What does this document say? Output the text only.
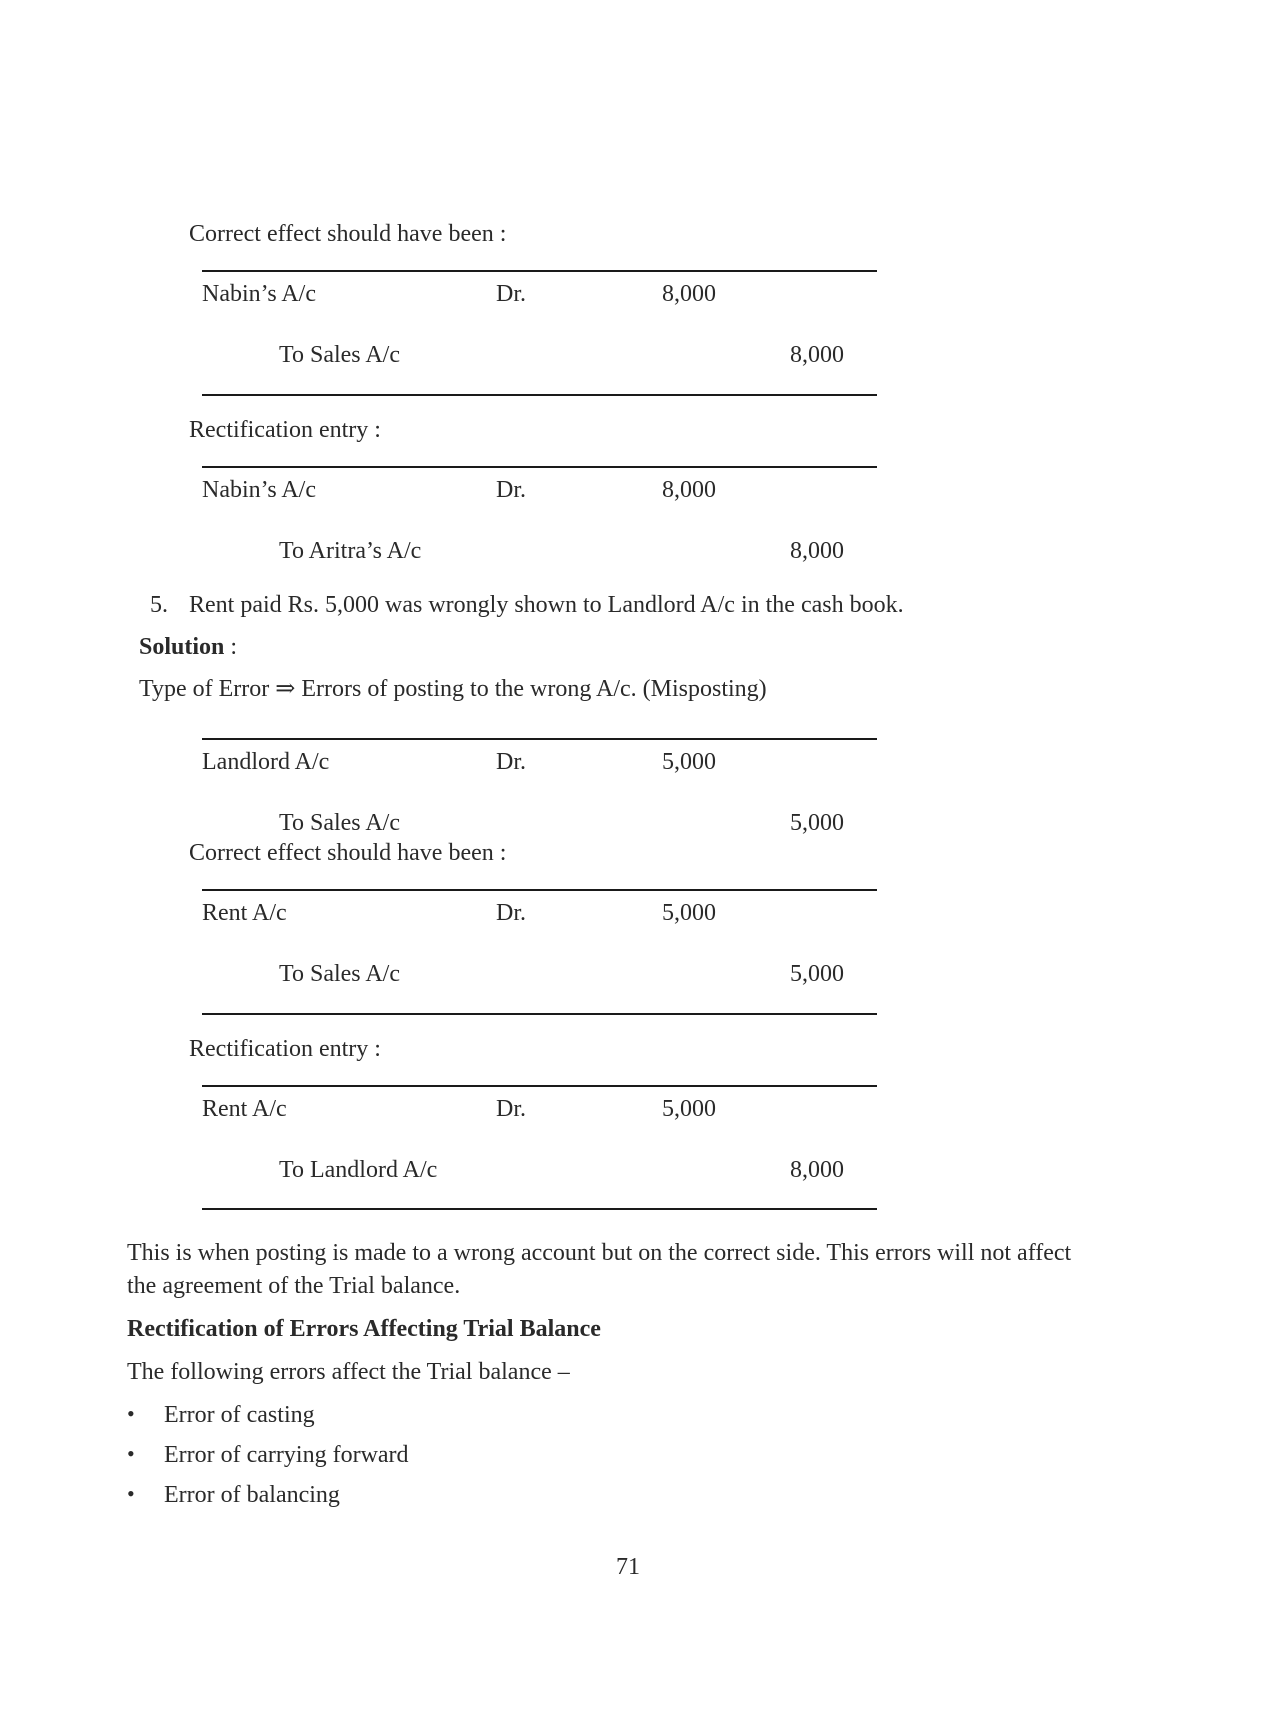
Correct effect should have been :
Nabin’s A/c	Dr.	8,000
To Sales A/c	8,000
Rectification entry :
Nabin’s A/c	Dr.	8,000
To Aritra’s A/c	8,000
5. Rent paid Rs. 5,000 was wrongly shown to Landlord A/c in the cash book.
Solution :
Type of Error ⇒ Errors of posting to the wrong A/c. (Misposting)
Landlord A/c	Dr.	5,000
To Sales A/c	5,000
Correct effect should have been :
Rent A/c	Dr.	5,000
To Sales A/c	5,000
Rectification entry :
Rent A/c	Dr.	5,000
To Landlord A/c	8,000
This is when posting is made to a wrong account but on the correct side. This errors will not affect
the agreement of the Trial balance.
Rectification of Errors Affecting Trial Balance
The following errors affect the Trial balance –
• Error of casting
• Error of carrying forward
• Error of balancing
71
